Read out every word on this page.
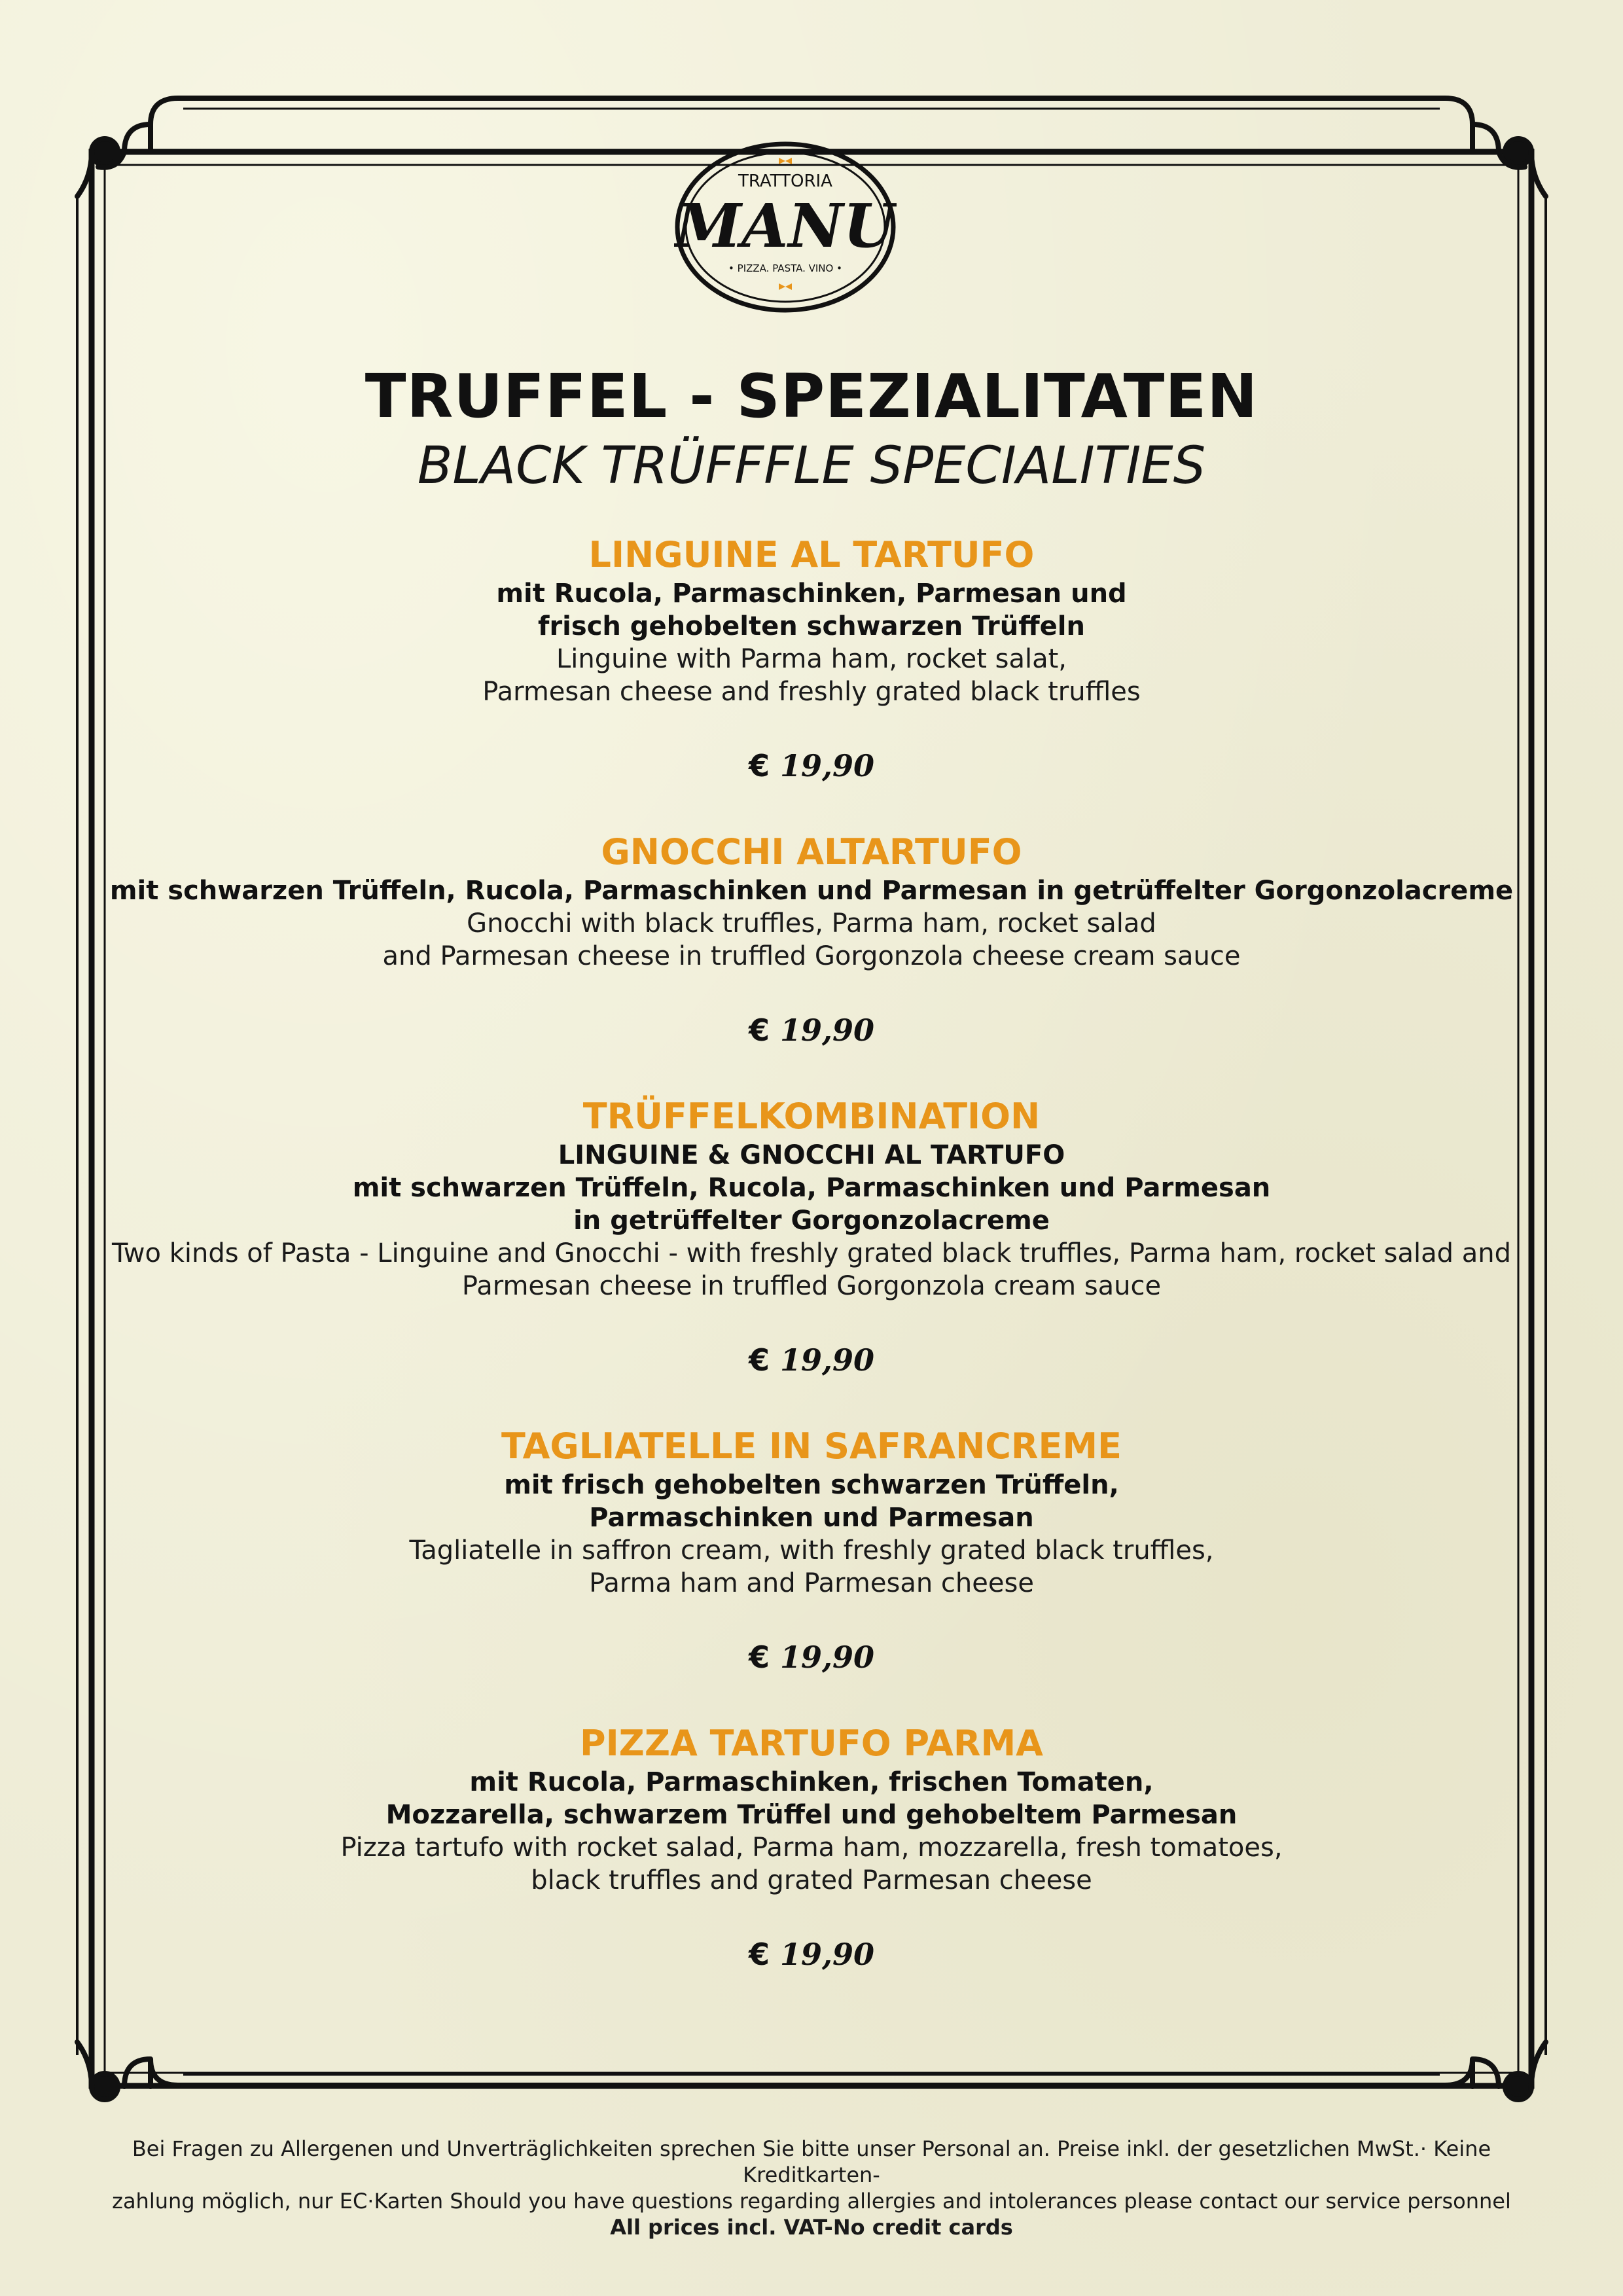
TRATTORIA
MANU
• PIZZA. PASTA. VINO •
TRUFFEL - SPEZIALITATEN

BLACK TRÜFFFLE SPECIALITIES

LINGUINE AL TARTUFO

mit Rucola, Parmaschinken, Parmesan und

frisch gehobelten schwarzen Trüffeln

Linguine with Parma ham, rocket salat,

Parmesan cheese and freshly grated black truffles

€ 19,90

GNOCCHI ALTARTUFO

mit schwarzen Trüffeln, Rucola, Parmaschinken und Parmesan in getrüffelter Gorgonzolacreme

Gnocchi with black truffles, Parma ham, rocket salad

and Parmesan cheese in truffled Gorgonzola cheese cream sauce

€ 19,90

TRÜFFELKOMBINATION

LINGUINE & GNOCCHI AL TARTUFO

mit schwarzen Trüffeln, Rucola, Parmaschinken und Parmesan

in getrüffelter Gorgonzolacreme

Two kinds of Pasta - Linguine and Gnocchi - with freshly grated black truffles, Parma ham, rocket salad and

Parmesan cheese in truffled Gorgonzola cream sauce

€ 19,90

TAGLIATELLE IN SAFRANCREME

mit frisch gehobelten schwarzen Trüffeln,

Parmaschinken und Parmesan

Tagliatelle in saffron cream, with freshly grated black truffles,

Parma ham and Parmesan cheese

€ 19,90

PIZZA TARTUFO PARMA

mit Rucola, Parmaschinken, frischen Tomaten,

Mozzarella, schwarzem Trüffel und gehobeltem Parmesan

Pizza tartufo with rocket salad, Parma ham, mozzarella, fresh tomatoes,

black truffles and grated Parmesan cheese

€ 19,90

Bei Fragen zu Allergenen und Unverträglichkeiten sprechen Sie bitte unser Personal an. Preise inkl. der gesetzlichen MwSt.· Keine Kreditkarten-
zahlung möglich, nur EC·Karten Should you have questions regarding allergies and intolerances please contact our service personnel
All prices incl. VAT-No credit cards
